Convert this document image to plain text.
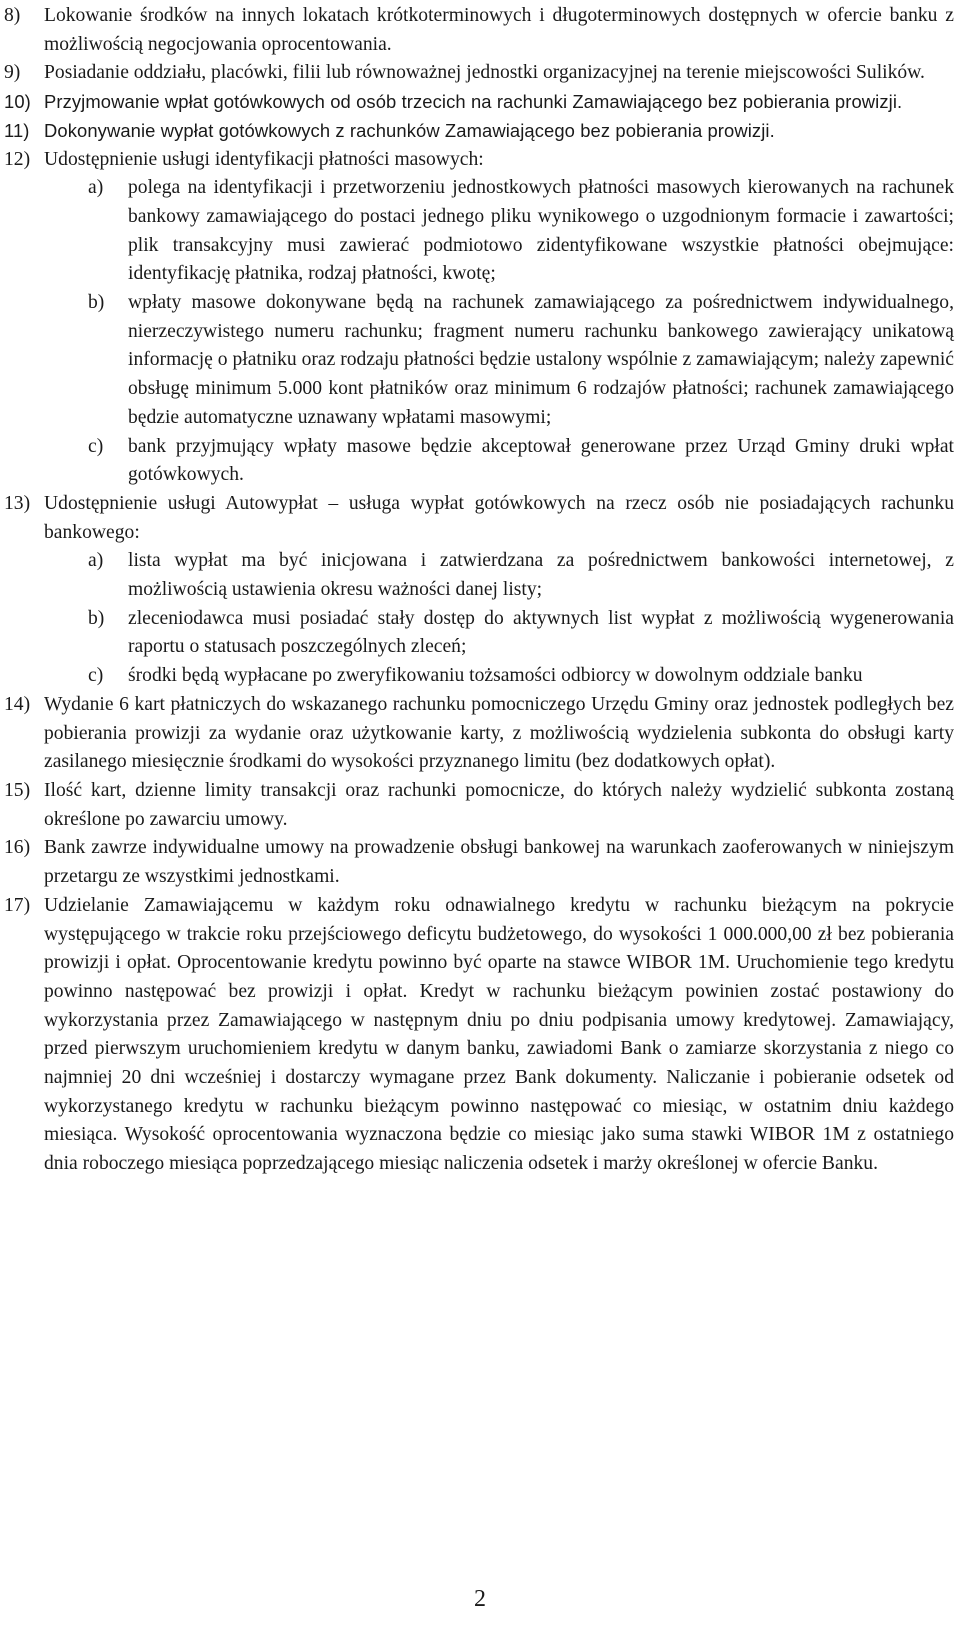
8)	Lokowanie środków na innych lokatach krótkoterminowych i długoterminowych dostępnych w ofercie banku z możliwością negocjowania oprocentowania.
9)	Posiadanie oddziału, placówki, filii lub równoważnej jednostki organizacyjnej na terenie miejscowości Sulików.
10) Przyjmowanie wpłat gotówkowych od osób trzecich na rachunki Zamawiającego bez pobierania prowizji.
11) Dokonywanie wypłat gotówkowych z rachunków Zamawiającego bez pobierania prowizji.
12) Udostępnienie usługi identyfikacji płatności masowych:
a)	polega na identyfikacji i przetworzeniu jednostkowych płatności masowych kierowanych na rachunek bankowy zamawiającego do postaci jednego pliku wynikowego o uzgodnionym formacie i zawartości; plik transakcyjny musi zawierać podmiotowo zidentyfikowane wszystkie płatności obejmujące: identyfikację płatnika, rodzaj płatności, kwotę;
b)	wpłaty masowe dokonywane będą na rachunek zamawiającego za pośrednictwem indywidualnego, nierzeczywistego numeru rachunku; fragment numeru rachunku bankowego zawierający unikatową informację o płatniku oraz rodzaju płatności będzie ustalony wspólnie z zamawiającym; należy zapewnić obsługę minimum 5.000 kont płatników oraz minimum 6 rodzajów płatności; rachunek zamawiającego będzie automatyczne uznawany wpłatami masowymi;
c)	bank przyjmujący wpłaty masowe będzie akceptował generowane przez Urząd Gminy druki wpłat gotówkowych.
13) Udostępnienie usługi Autowypłat – usługa wypłat gotówkowych na rzecz osób nie posiadających rachunku bankowego:
a)	lista wypłat ma być inicjowana i zatwierdzana za pośrednictwem bankowości internetowej, z możliwością ustawienia okresu ważności danej listy;
b)	zleceniodawca musi posiadać stały dostęp do aktywnych list wypłat z możliwością wygenerowania raportu o statusach poszczególnych zleceń;
c)	środki będą wypłacane po zweryfikowaniu tożsamości odbiorcy w dowolnym oddziale banku
14) Wydanie 6 kart płatniczych do wskazanego rachunku pomocniczego Urzędu Gminy oraz jednostek podległych bez pobierania prowizji za wydanie oraz użytkowanie karty, z możliwością wydzielenia subkonta do obsługi karty zasilanego miesięcznie środkami do wysokości przyznanego limitu (bez dodatkowych opłat).
15) Ilość kart, dzienne limity transakcji oraz rachunki pomocnicze, do których należy wydzielić subkonta zostaną określone po zawarciu umowy.
16) Bank zawrze indywidualne umowy na prowadzenie obsługi bankowej na warunkach zaoferowanych w niniejszym przetargu ze wszystkimi jednostkami.
17) Udzielanie Zamawiającemu w każdym roku odnawialnego kredytu w rachunku bieżącym na pokrycie występującego w trakcie roku przejściowego deficytu budżetowego, do wysokości 1 000.000,00 zł bez pobierania prowizji i opłat. Oprocentowanie kredytu powinno być oparte na stawce WIBOR 1M. Uruchomienie tego kredytu powinno następować bez prowizji i opłat. Kredyt w rachunku bieżącym powinien zostać postawiony do wykorzystania przez Zamawiającego w następnym dniu po dniu podpisania umowy kredytowej. Zamawiający, przed pierwszym uruchomieniem kredytu w danym banku, zawiadomi Bank o zamiarze skorzystania z niego co najmniej 20 dni wcześniej i dostarczy wymagane przez Bank dokumenty. Naliczanie i pobieranie odsetek od wykorzystanego kredytu w rachunku bieżącym powinno następować co miesiąc, w ostatnim dniu każdego miesiąca. Wysokość oprocentowania wyznaczona będzie co miesiąc jako suma stawki WIBOR 1M z ostatniego dnia roboczego miesiąca poprzedzającego miesiąc naliczenia odsetek i marży określonej w ofercie Banku.
2
